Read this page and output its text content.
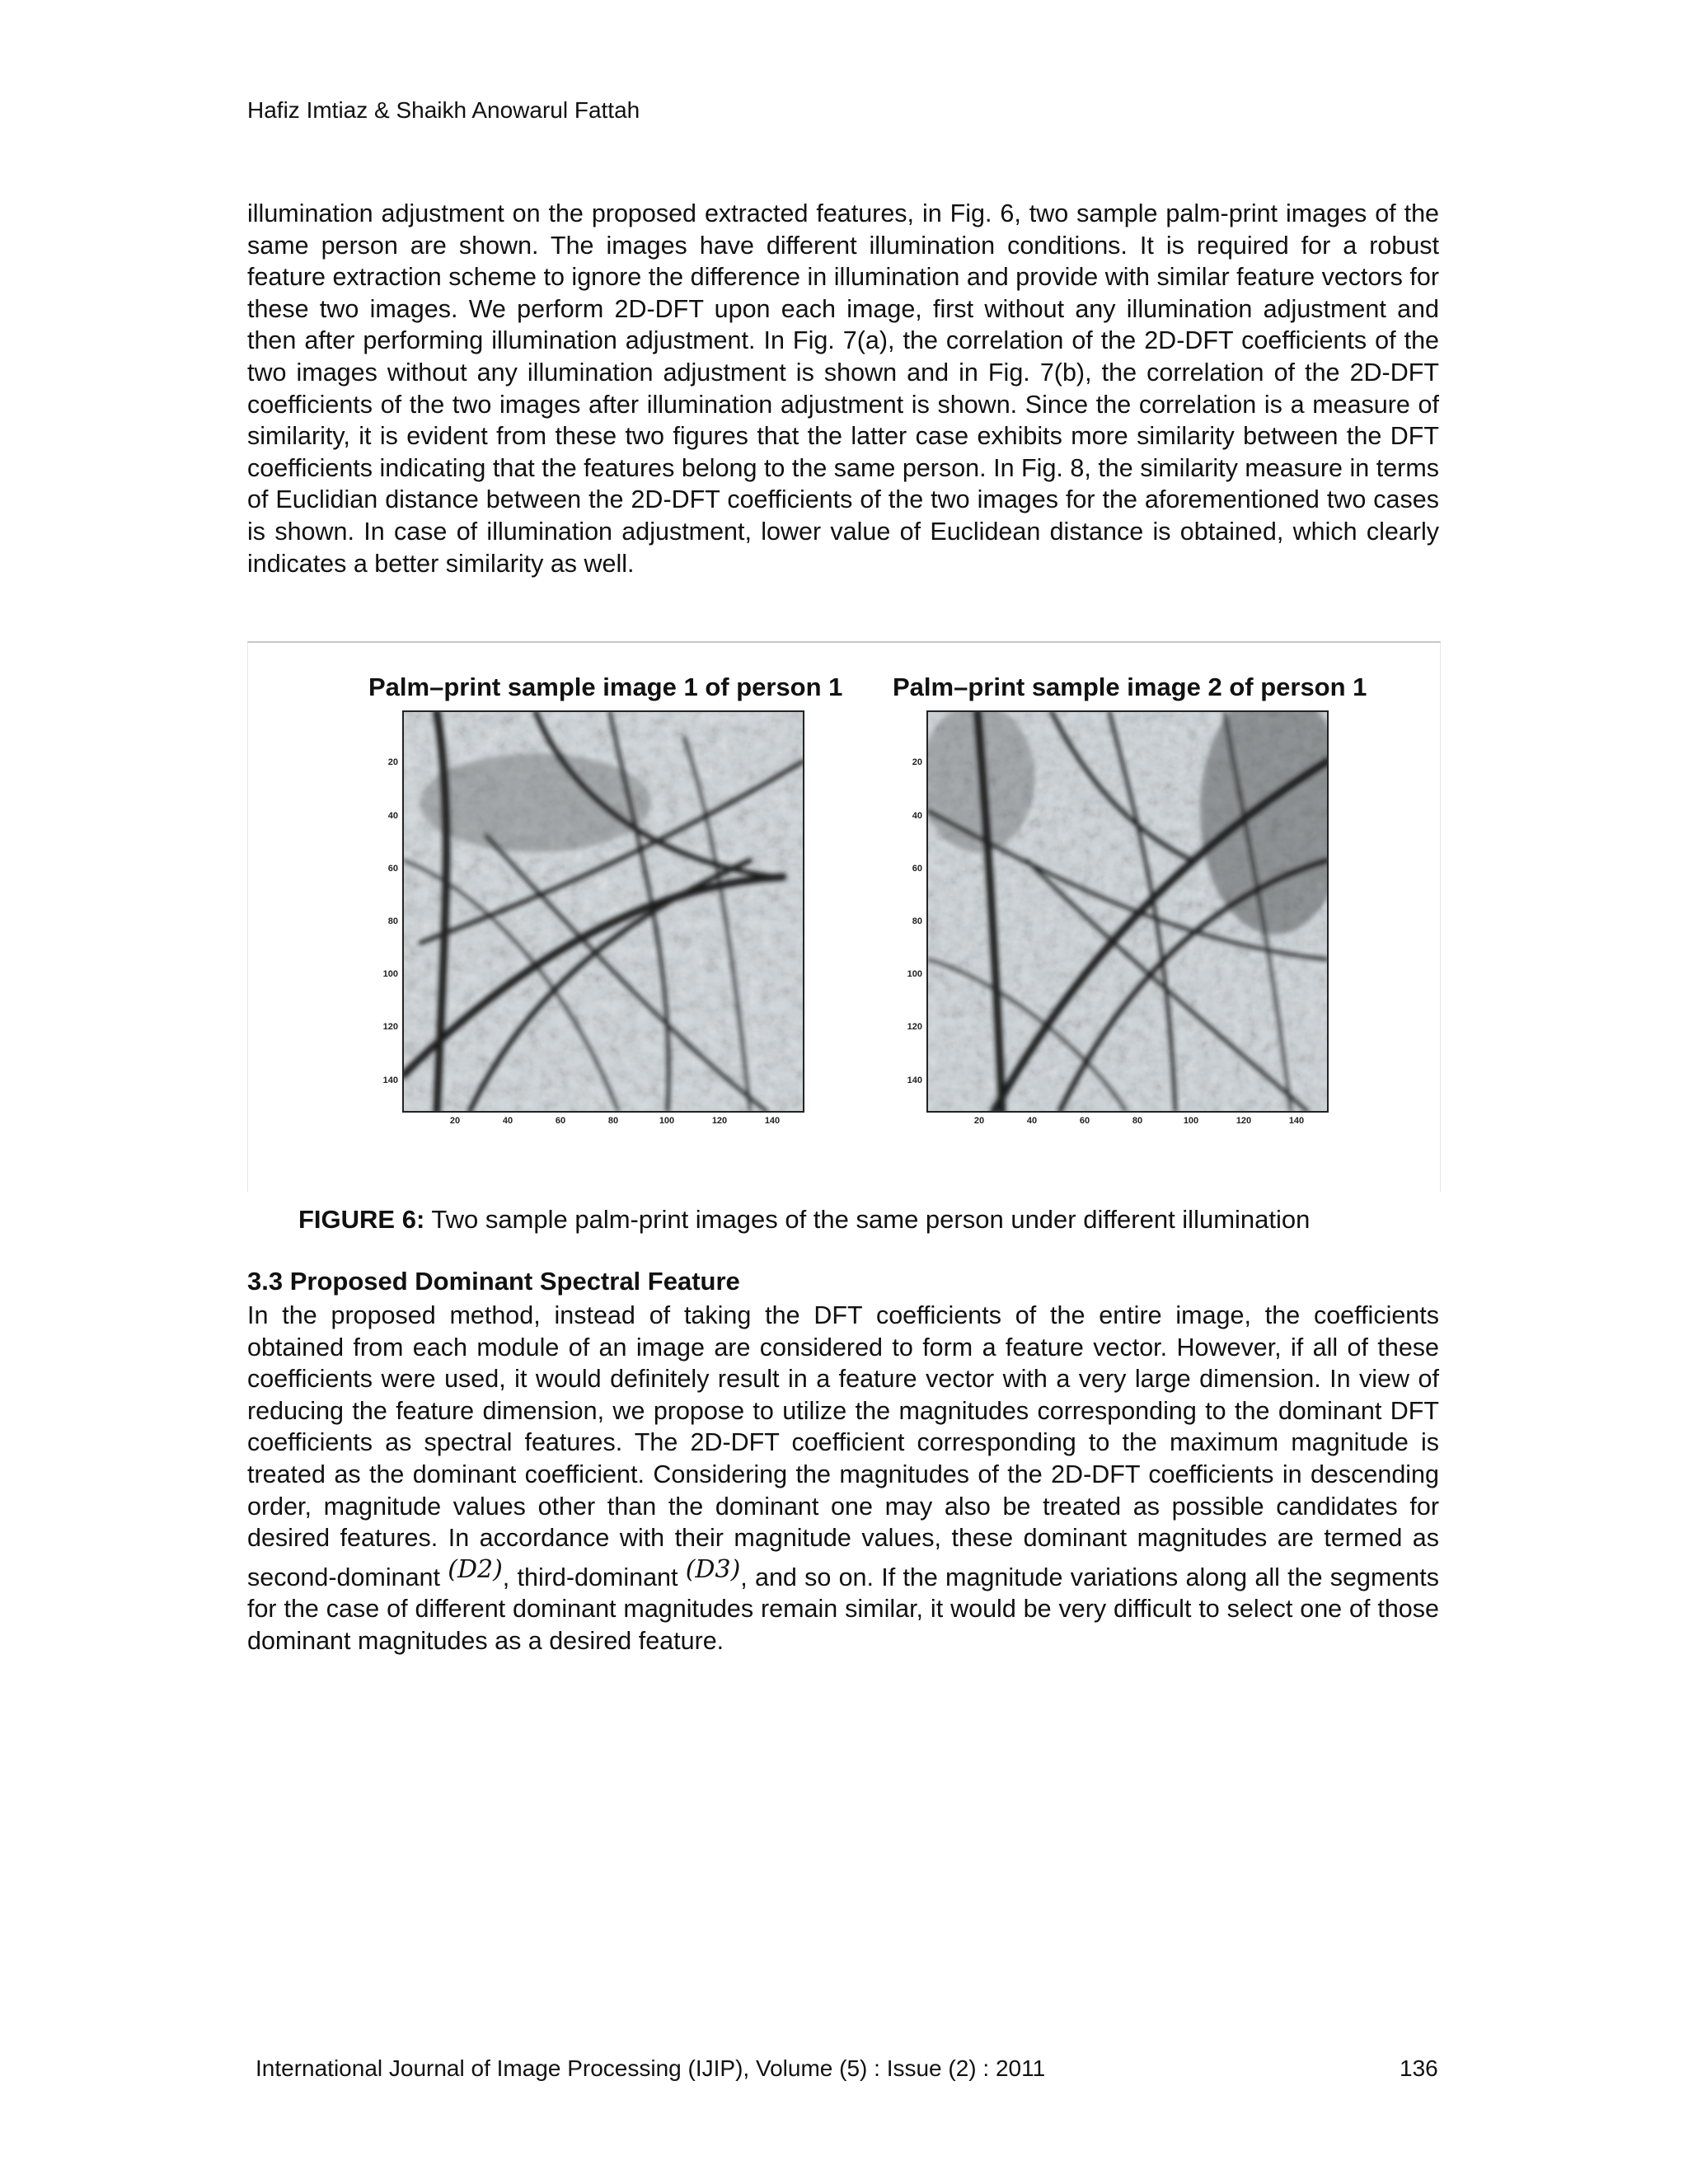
Hafiz Imtiaz & Shaikh Anowarul Fattah

illumination adjustment on the proposed extracted features, in Fig. 6, two sample palm-print images of the same person are shown. The images have different illumination conditions. It is required for a robust feature extraction scheme to ignore the difference in illumination and provide with similar feature vectors for these two images. We perform 2D-DFT upon each image, first without any illumination adjustment and then after performing illumination adjustment. In Fig. 7(a), the correlation of the 2D-DFT coefficients of the two images without any illumination adjustment is shown and in Fig. 7(b), the correlation of the 2D-DFT coefficients of the two images after illumination adjustment is shown. Since the correlation is a measure of similarity, it is evident from these two figures that the latter case exhibits more similarity between the DFT coefficients indicating that the features belong to the same person. In Fig. 8, the similarity measure in terms of Euclidian distance between the 2D-DFT coefficients of the two images for the aforementioned two cases is shown. In case of illumination adjustment, lower value of Euclidean distance is obtained, which clearly indicates a better similarity as well.

Palm–print sample image 1 of person 1
20
40
60
80
100
120
140
20	40	60	80	100	120	140
Palm–print sample image 2 of person 1
20
40
60
80
100
120
140
20	40	60	80	100	120	140
FIGURE 6: Two sample palm-print images of the same person under different illumination
3.3 Proposed Dominant Spectral Feature

In the proposed method, instead of taking the DFT coefficients of the entire image, the coefficients obtained from each module of an image are considered to form a feature vector. However, if all of these coefficients were used, it would definitely result in a feature vector with a very large dimension. In view of reducing the feature dimension, we propose to utilize the magnitudes corresponding to the dominant DFT coefficients as spectral features. The 2D-DFT coefficient corresponding to the maximum magnitude is treated as the dominant coefficient. Considering the magnitudes of the 2D-DFT coefficients in descending order, magnitude values other than the dominant one may also be treated as possible candidates for desired features. In accordance with their magnitude values, these dominant magnitudes are termed as second-dominant (D2), third-dominant (D3), and so on. If the magnitude variations along all the segments for the case of different dominant magnitudes remain similar, it would be very difficult to select one of those dominant magnitudes as a desired feature.

International Journal of Image Processing (IJIP), Volume (5) : Issue (2) : 2011	136
